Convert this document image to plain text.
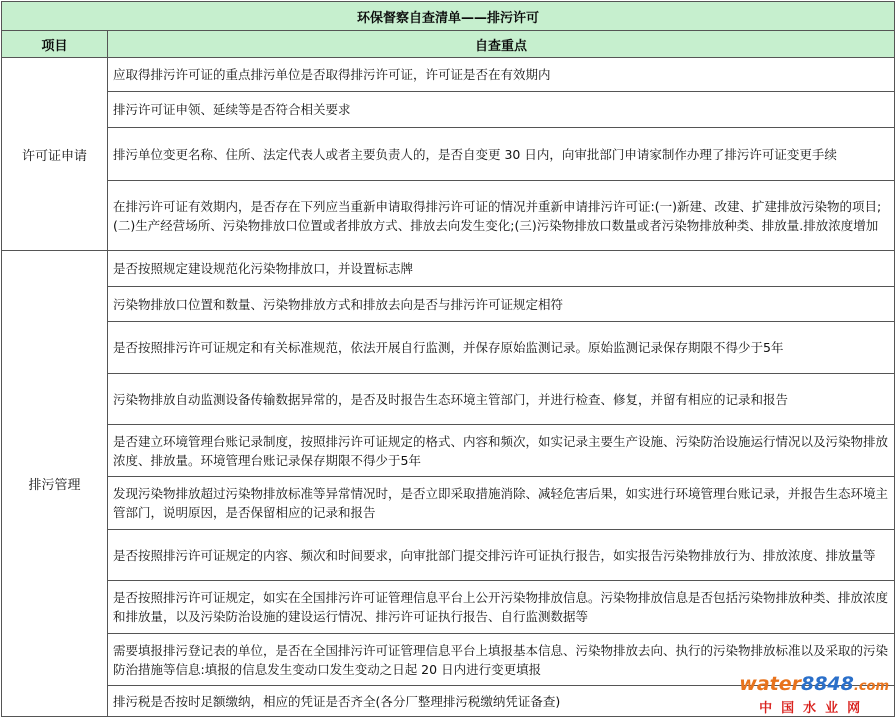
环保督察自查清单——排污许可	
项目	自查重点
许可证申请	应取得排污许可证的重点排污单位是否取得排污许可证，许可证是否在有效期内
	排污许可证申领、延续等是否符合相关要求
	排污单位变更名称、住所、法定代表人或者主要负责人的，是否自变更 30 日内，向审批部门申请家制作办理了排污许可证变更手续
	在排污许可证有效期内，是否存在下列应当重新申请取得排污许可证的情况并重新申请排污许可证:(一)新建、改建、扩建排放污染物的项目;(二)生产经营场所、污染物排放口位置或者排放方式、排放去向发生变化;(三)污染物排放口数量或者污染物排放种类、排放量.排放浓度增加
排污管理	是否按照规定建设规范化污染物排放口，并设置标志牌
	污染物排放口位置和数量、污染物排放方式和排放去向是否与排污许可证规定相符
	是否按照排污许可证规定和有关标准规范，依法开展自行监测，并保存原始监测记录。原始监测记录保存期限不得少于5年
	污染物排放自动监测设备传输数据异常的，是否及时报告生态环境主管部门，并进行检查、修复，并留有相应的记录和报告
	是否建立环境管理台账记录制度，按照排污许可证规定的格式、内容和频次，如实记录主要生产设施、污染防治设施运行情况以及污染物排放浓度、排放量。环境管理台账记录保存期限不得少于5年
	发现污染物排放超过污染物排放标准等异常情况时，是否立即采取措施消除、减轻危害后果，如实进行环境管理台账记录，并报告生态环境主管部门，说明原因，是否保留相应的记录和报告
	是否按照排污许可证规定的内容、频次和时间要求，向审批部门提交排污许可证执行报告，如实报告污染物排放行为、排放浓度、排放量等
	是否按照排污许可证规定，如实在全国排污许可证管理信息平台上公开污染物排放信息。污染物排放信息是否包括污染物排放种类、排放浓度和排放量，以及污染防治设施的建设运行情况、排污许可证执行报告、自行监测数据等
	需要填报排污登记表的单位，是否在全国排污许可证管理信息平台上填报基本信息、污染物排放去向、执行的污染物排放标准以及采取的污染防治措施等信息:填报的信息发生变动口发生变动之日起 20 日内进行变更填报
	排污税是否按时足额缴纳，相应的凭证是否齐全(各分厂整理排污税缴纳凭证备查)
water8848.com
中国水业网
